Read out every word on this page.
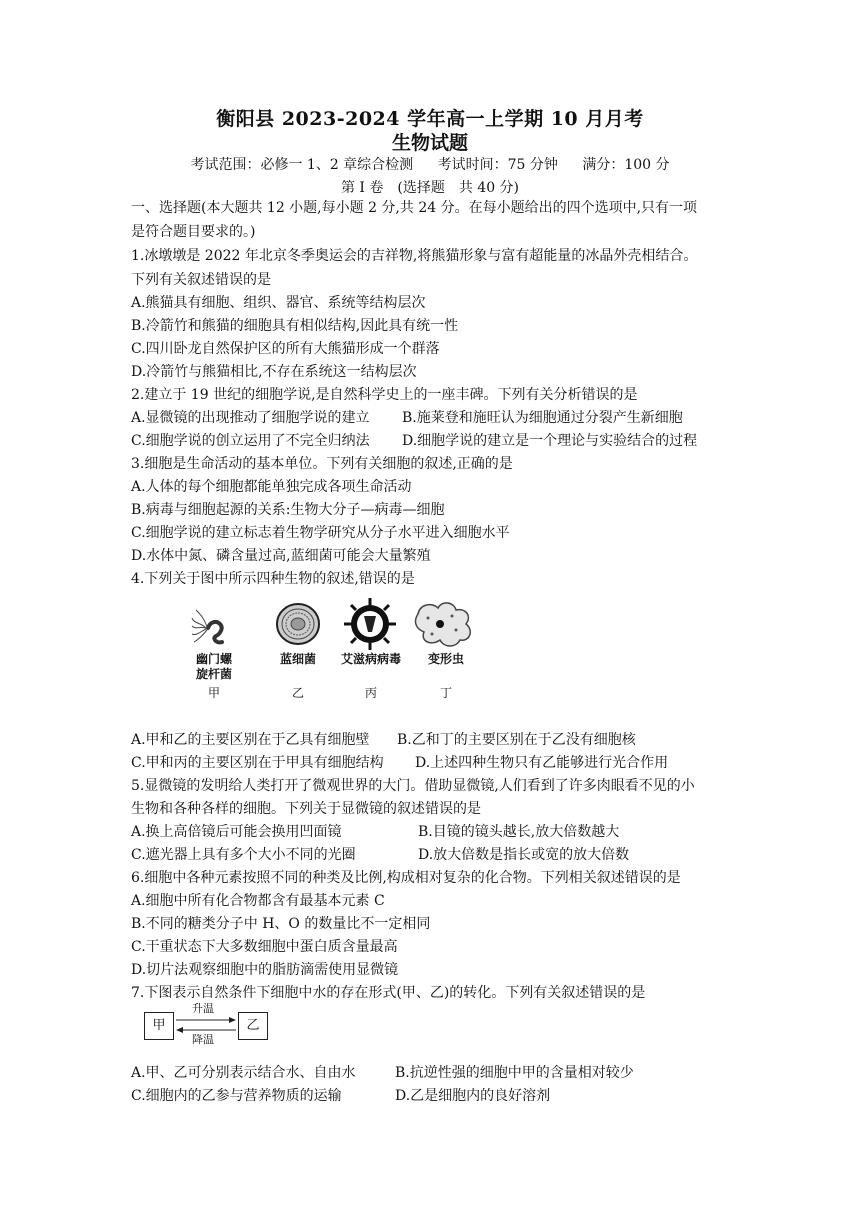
衡阳县 2023-2024 学年高一上学期 10 月月考
生物试题
考试范围：必修一 1、2 章综合检测 考试时间：75 分钟 满分：100 分
第 I 卷　(选择题　共 40 分)
一、选择题(本大题共 12 小题,每小题 2 分,共 24 分。在每小题给出的四个选项中,只有一项
是符合题目要求的。)
1.冰墩墩是 2022 年北京冬季奥运会的吉祥物,将熊猫形象与富有超能量的冰晶外壳相结合。
下列有关叙述错误的是
A.熊猫具有细胞、组织、器官、系统等结构层次
B.冷箭竹和熊猫的细胞具有相似结构,因此具有统一性
C.四川卧龙自然保护区的所有大熊猫形成一个群落
D.冷箭竹与熊猫相比,不存在系统这一结构层次
2.建立于 19 世纪的细胞学说,是自然科学史上的一座丰碑。下列有关分析错误的是
A.显微镜的出现推动了细胞学说的建立 B.施莱登和施旺认为细胞通过分裂产生新细胞
C.细胞学说的创立运用了不完全归纳法 D.细胞学说的建立是一个理论与实验结合的过程
3.细胞是生命活动的基本单位。下列有关细胞的叙述,正确的是
A.人体的每个细胞都能单独完成各项生命活动
B.病毒与细胞起源的关系:生物大分子—病毒—细胞
C.细胞学说的建立标志着生物学研究从分子水平进入细胞水平
D.水体中氮、磷含量过高,蓝细菌可能会大量繁殖
4.下列关于图中所示四种生物的叙述,错误的是
幽门螺
旋杆菌
蓝细菌	艾滋病病毒	变形虫
甲	乙	丙	丁
A.甲和乙的主要区别在于乙具有细胞壁 B.乙和丁的主要区别在于乙没有细胞核
C.甲和丙的主要区别在于甲具有细胞结构 D.上述四种生物只有乙能够进行光合作用
5.显微镜的发明给人类打开了微观世界的大门。借助显微镜,人们看到了许多肉眼看不见的小
生物和各种各样的细胞。下列关于显微镜的叙述错误的是
A.换上高倍镜后可能会换用凹面镜	B.目镜的镜头越长,放大倍数越大
C.遮光器上具有多个大小不同的光圈	D.放大倍数是指长或宽的放大倍数
6.细胞中各种元素按照不同的种类及比例,构成相对复杂的化合物。下列相关叙述错误的是
A.细胞中所有化合物都含有最基本元素 C
B.不同的糖类分子中 H、O 的数量比不一定相同
C.干重状态下大多数细胞中蛋白质含量最高
D.切片法观察细胞中的脂肪滴需使用显微镜
7.下图表示自然条件下细胞中水的存在形式(甲、乙)的转化。下列有关叙述错误的是
甲	乙
升温
降温
A.甲、乙可分别表示结合水、自由水	B.抗逆性强的细胞中甲的含量相对较少
C.细胞内的乙参与营养物质的运输	D.乙是细胞内的良好溶剂
